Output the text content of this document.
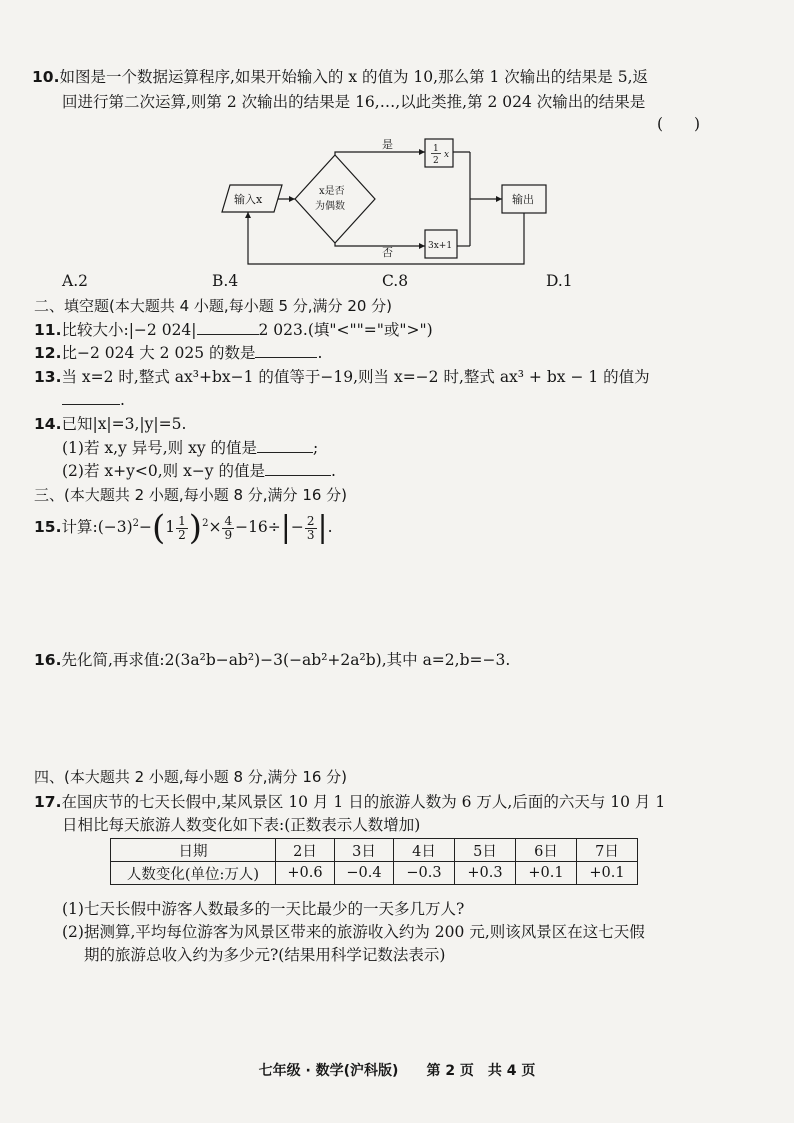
10.如图是一个数据运算程序,如果开始输入的 x 的值为 10,那么第 1 次输出的结果是 5,返
回进行第二次运算,则第 2 次输出的结果是 16,…,以此类推,第 2 024 次输出的结果是
(　　)
输入x
x是否
为偶数
是
否
1
2
x
3x+1
输出
A.2	B.4	C.8	D.1
二、填空题(本大题共 4 小题,每小题 5 分,满分 20 分)
11.比较大小:|−2 024|	2 023.(填"<""="或">")
12.比−2 024 大 2 025 的数是	.
13.当 x=2 时,整式 ax³+bx−1 的值等于−19,则当 x=−2 时,整式 ax³ + bx − 1 的值为
.
14.已知|x|=3,|y|=5.
(1)若 x,y 异号,则 xy 的值是	;
(2)若 x+y<0,则 x−y 的值是	.
三、(本大题共 2 小题,每小题 8 分,满分 16 分)
15.计算$:(-3)^2-(1 \frac{1}{2} )^2\times \frac{4}{9} -16\div|- \frac{2}{3}$ |.
16.先化简,再求值:2(3a²b−ab²)−3(−ab²+2a²b),其中 a=2,b=−3.
四、(本大题共 2 小题,每小题 8 分,满分 16 分)
17.在国庆节的七天长假中,某风景区 10 月 1 日的旅游人数为 6 万人,后面的六天与 10 月 1
日相比每天旅游人数变化如下表:(正数表示人数增加)
日期	2日	3日	4日	5日	6日	7日
人数变化(单位:万人)	+0.6	−0.4	−0.3	+0.3	+0.1	+0.1
(1)七天长假中游客人数最多的一天比最少的一天多几万人?
(2)据测算,平均每位游客为风景区带来的旅游收入约为 200 元,则该风景区在这七天假
期的旅游总收入约为多少元?(结果用科学记数法表示)
七年级 · 数学(沪科版)　　第 2 页　共 4 页
